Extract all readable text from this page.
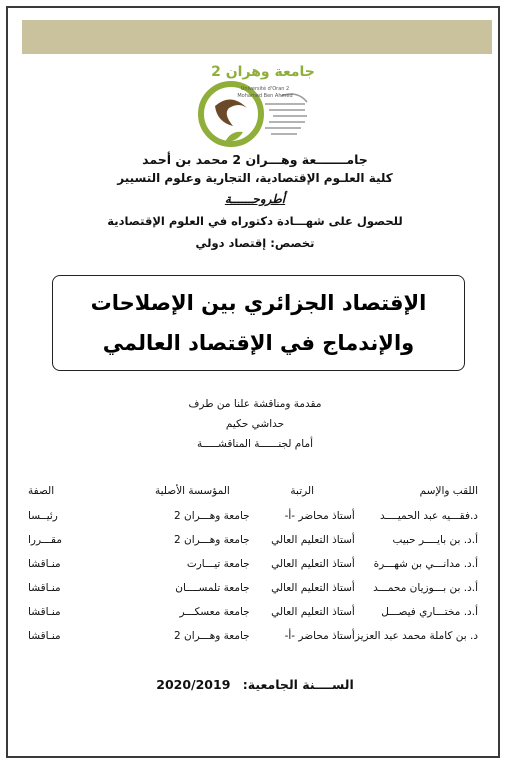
جامعة وهران 2
Université d'Oran 2
Mohamed Ben Ahmed
جامـــــــعة وهـــران 2 محمد بن أحمد
كلية العلـوم الإقتصادية، التجارية وعلوم التسيير
أطروحــــــة
للحصول على شهـــادة دكتوراه في العلوم الإقتصادية
تخصص: إقتصاد دولي
الإقتصاد الجزائري بين الإصلاحات والإندماج في الإقتصاد العالمي
مقدمة ومناقشة علنا من طرف
حداشي حكيم
أمام لجنــــــة المناقشـــــة
اللقب والإسم	الرتبة	المؤسسة الأصلية	الصفة
د.فقـــيه عبد الحميــــد	أستاذ محاضر -أ-	جامعة وهـــران 2	رئيــسا
أ.د. بن بايــــر حبيب	أستاذ التعليم العالي	جامعة وهـــران 2	مقـــررا
أ.د. مدانـــي بن شهـــرة	أستاذ التعليم العالي	جامعة تيـــارت	منـاقشا
أ.د. بن بـــوزيان محمـــد	أستاذ التعليم العالي	جامعة تلمســــان	منـاقشا
أ.د. مختـــاري فيصـــل	أستاذ التعليم العالي	جامعة معسكـــر	منـاقشا
د. بن كاملة محمد عبد العزيز	أستاذ محاضر -أ-	جامعة وهـــران 2	منـاقشا
الســــنة الجامعية: 2020/2019
